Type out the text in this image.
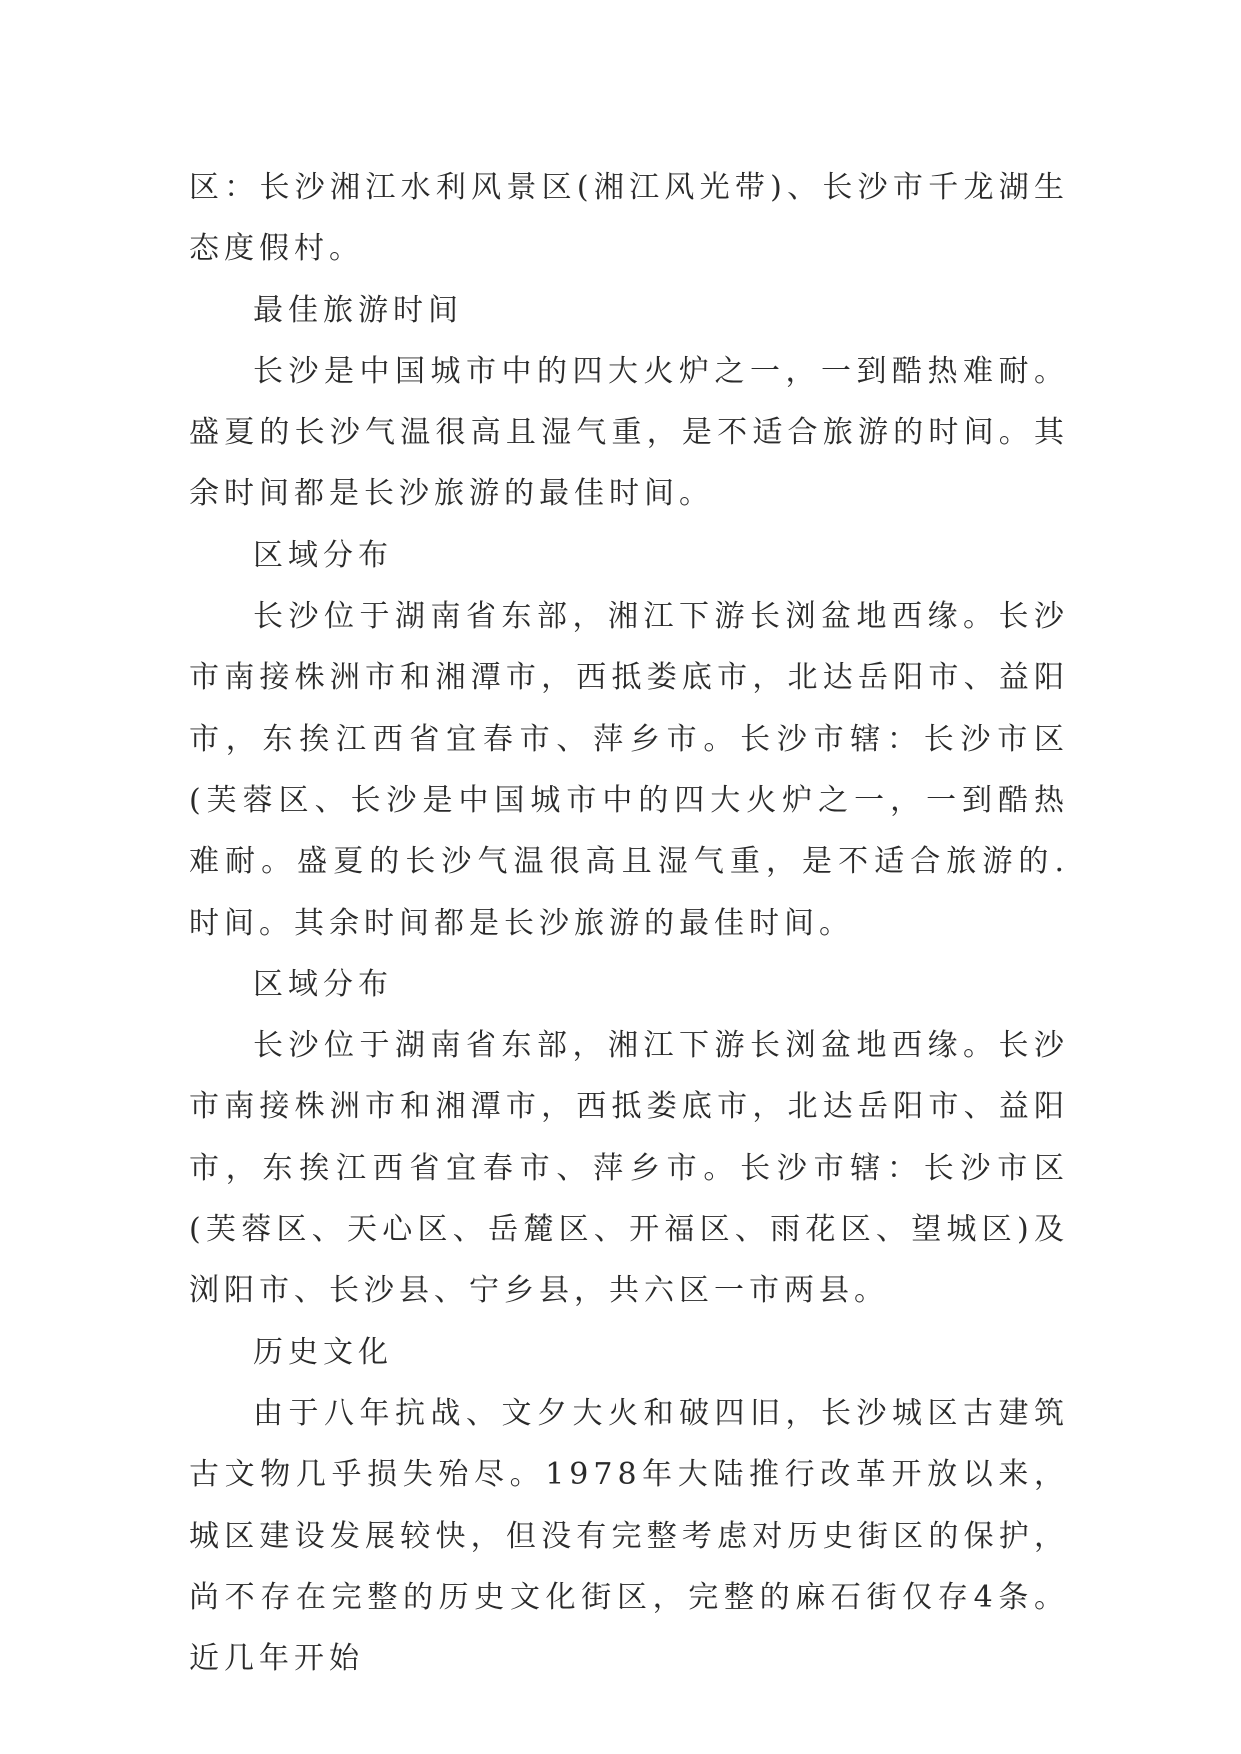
区：长沙湘江水利风景区(湘江风光带)、长沙市千龙湖生态度假村。

最佳旅游时间

长沙是中国城市中的四大火炉之一，一到酷热难耐。盛夏的长沙气温很高且湿气重，是不适合旅游的时间。其余时间都是长沙旅游的最佳时间。

区域分布

长沙位于湖南省东部，湘江下游长浏盆地西缘。长沙市南接株洲市和湘潭市，西抵娄底市，北达岳阳市、益阳市，东挨江西省宜春市、萍乡市。长沙市辖：长沙市区(芙蓉区、长沙是中国城市中的四大火炉之一，一到酷热难耐。盛夏的长沙气温很高且湿气重，是不适合旅游的.时间。其余时间都是长沙旅游的最佳时间。

区域分布

长沙位于湖南省东部，湘江下游长浏盆地西缘。长沙市南接株洲市和湘潭市，西抵娄底市，北达岳阳市、益阳市，东挨江西省宜春市、萍乡市。长沙市辖：长沙市区(芙蓉区、天心区、岳麓区、开福区、雨花区、望城区)及浏阳市、长沙县、宁乡县，共六区一市两县。

历史文化

由于八年抗战、文夕大火和破四旧，长沙城区古建筑古文物几乎损失殆尽。1978年大陆推行改革开放以来，城区建设发展较快，但没有完整考虑对历史街区的保护，尚不存在完整的历史文化街区，完整的麻石街仅存4条。近几年开始
